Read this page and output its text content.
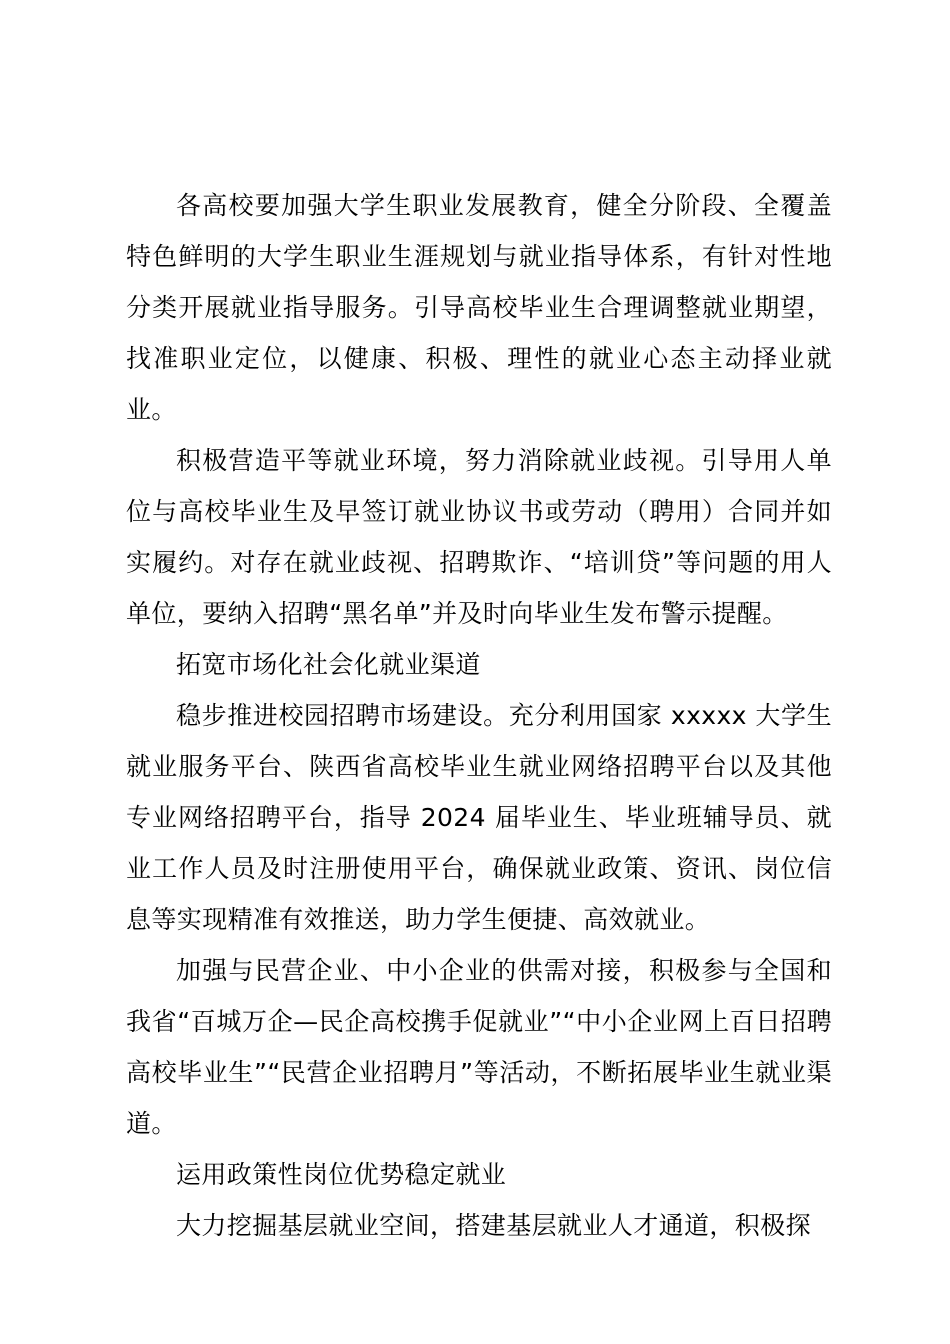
各高校要加强大学生职业发展教育，健全分阶段、全覆盖特色鲜明的大学生职业生涯规划与就业指导体系，有针对性地分类开展就业指导服务。引导高校毕业生合理调整就业期望，找准职业定位，以健康、积极、理性的就业心态主动择业就业。

积极营造平等就业环境，努力消除就业歧视。引导用人单位与高校毕业生及早签订就业协议书或劳动（聘用）合同并如实履约。对存在就业歧视、招聘欺诈、“培训贷”等问题的用人单位，要纳入招聘“黑名单”并及时向毕业生发布警示提醒。

拓宽市场化社会化就业渠道

稳步推进校园招聘市场建设。充分利用国家 xxxxx 大学生就业服务平台、陕西省高校毕业生就业网络招聘平台以及其他专业网络招聘平台，指导 2024 届毕业生、毕业班辅导员、就业工作人员及时注册使用平台，确保就业政策、资讯、岗位信息等实现精准有效推送，助力学生便捷、高效就业。

加强与民营企业、中小企业的供需对接，积极参与全国和我省“百城万企—民企高校携手促就业”“中小企业网上百日招聘高校毕业生”“民营企业招聘月”等活动，不断拓展毕业生就业渠道。

运用政策性岗位优势稳定就业

大力挖掘基层就业空间，搭建基层就业人才通道，积极探
